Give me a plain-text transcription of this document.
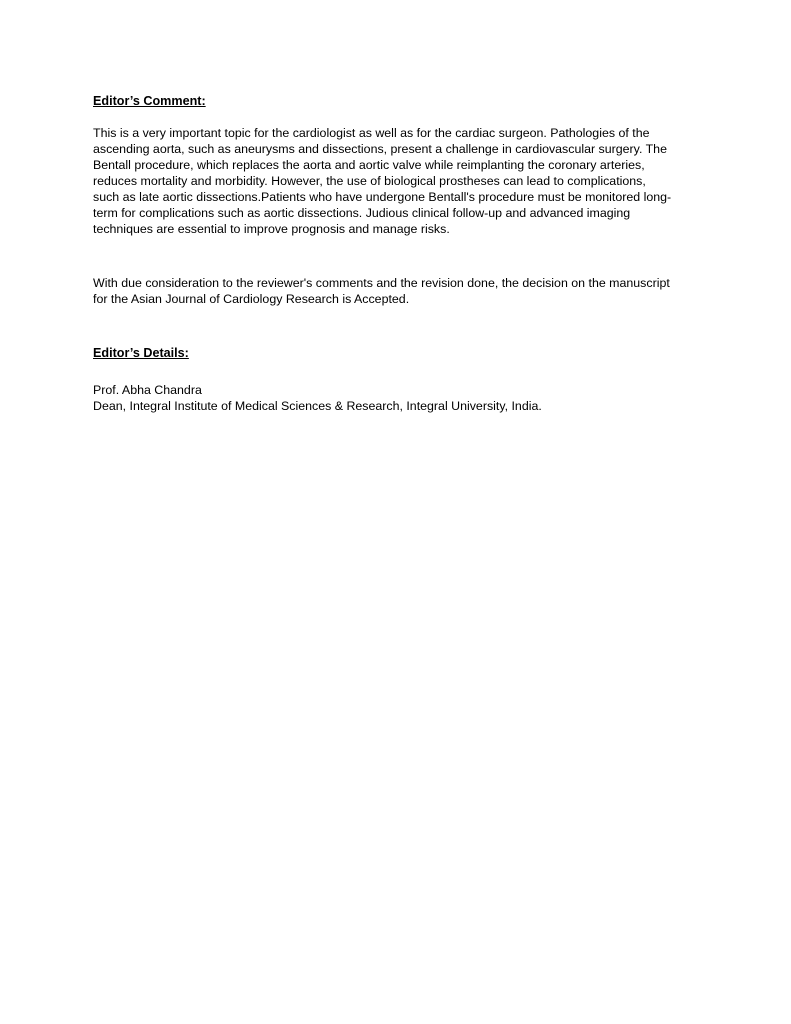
Editor’s Comment:
This is a very important topic for the cardiologist as well as for the cardiac surgeon. Pathologies of the
ascending aorta, such as aneurysms and dissections, present a challenge in cardiovascular surgery. The
Bentall procedure, which replaces the aorta and aortic valve while reimplanting the coronary arteries,
reduces mortality and morbidity. However, the use of biological prostheses can lead to complications,
such as late aortic dissections.Patients who have undergone Bentall's procedure must be monitored long-
term for complications such as aortic dissections. Judious clinical follow-up and advanced imaging
techniques are essential to improve prognosis and manage risks.
With due consideration to the reviewer's comments and the revision done, the decision on the manuscript
for the Asian Journal of Cardiology Research is Accepted.
Editor’s Details:
Prof. Abha Chandra
Dean, Integral Institute of Medical Sciences & Research, Integral University, India.
